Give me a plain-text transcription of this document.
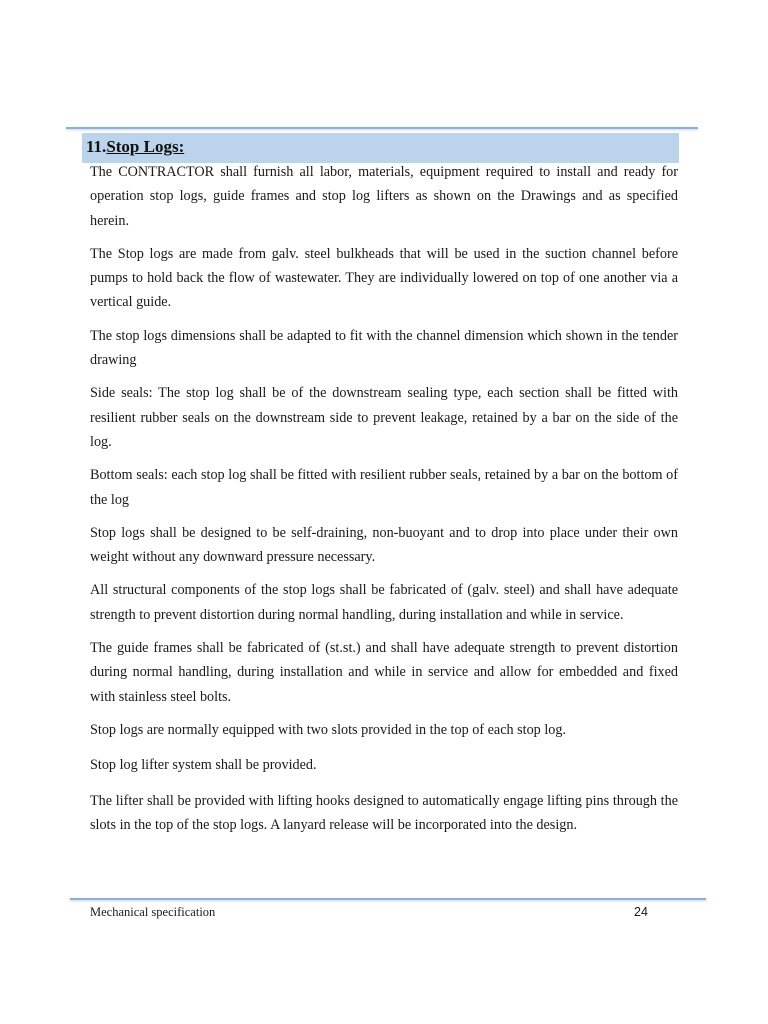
11.Stop Logs:

The CONTRACTOR shall furnish all labor, materials, equipment required to install and ready for operation stop logs, guide frames and stop log lifters as shown on the Drawings and as specified herein.

The Stop logs are made from galv. steel bulkheads that will be used in the suction channel before pumps to hold back the flow of wastewater. They are individually lowered on top of one another via a vertical guide.

The stop logs dimensions shall be adapted to fit with the channel dimension which shown in the tender drawing

Side seals: The stop log shall be of the downstream sealing type, each section shall be fitted with resilient rubber seals on the downstream side to prevent leakage, retained by a bar on the side of the log.

Bottom seals: each stop log shall be fitted with resilient rubber seals, retained by a bar on the bottom of the log

Stop logs shall be designed to be self-draining, non-buoyant and to drop into place under their own weight without any downward pressure necessary.

All structural components of the stop logs shall be fabricated of (galv. steel) and shall have adequate strength to prevent distortion during normal handling, during installation and while in service.

The guide frames shall be fabricated of (st.st.) and shall have adequate strength to prevent distortion during normal handling, during installation and while in service and allow for embedded and fixed with stainless steel bolts.

Stop logs are normally equipped with two slots provided in the top of each stop log.

Stop log lifter system shall be provided.

The lifter shall be provided with lifting hooks designed to automatically engage lifting pins through the slots in the top of the stop logs. A lanyard release will be incorporated into the design.

Mechanical specification	24
